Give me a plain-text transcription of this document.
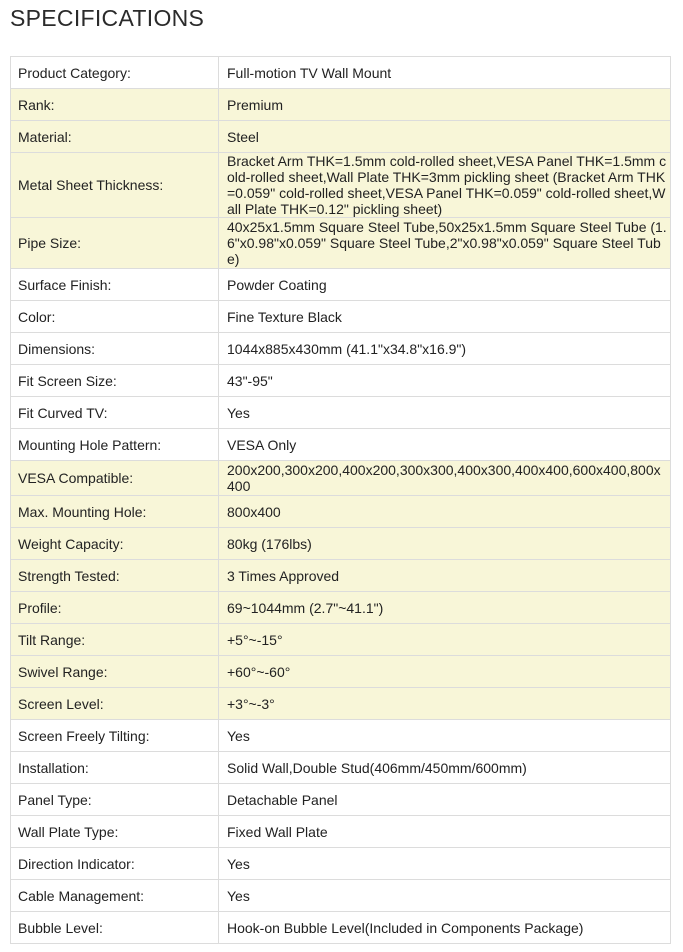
SPECIFICATIONS
Product Category:	Full-motion TV Wall Mount
Rank:	Premium
Material:	Steel
Metal Sheet Thickness:	Bracket Arm THK=1.5mm cold-rolled sheet,VESA Panel THK=1.5mm cold-rolled sheet,Wall Plate THK=3mm pickling sheet (Bracket Arm THK=0.059" cold-rolled sheet,VESA Panel THK=0.059" cold-rolled sheet,Wall Plate THK=0.12" pickling sheet)
Pipe Size:	40x25x1.5mm Square Steel Tube,50x25x1.5mm Square Steel Tube (1.6"x0.98"x0.059" Square Steel Tube,2"x0.98"x0.059" Square Steel Tube)
Surface Finish:	Powder Coating
Color:	Fine Texture Black
Dimensions:	1044x885x430mm (41.1"x34.8"x16.9")
Fit Screen Size:	43"-95"
Fit Curved TV:	Yes
Mounting Hole Pattern:	VESA Only
VESA Compatible:	200x200,300x200,400x200,300x300,400x300,400x400,600x400,800x400
Max. Mounting Hole:	800x400
Weight Capacity:	80kg (176lbs)
Strength Tested:	3 Times Approved
Profile:	69~1044mm (2.7"~41.1")
Tilt Range:	+5°~-15°
Swivel Range:	+60°~-60°
Screen Level:	+3°~-3°
Screen Freely Tilting:	Yes
Installation:	Solid Wall,Double Stud(406mm/450mm/600mm)
Panel Type:	Detachable Panel
Wall Plate Type:	Fixed Wall Plate
Direction Indicator:	Yes
Cable Management:	Yes
Bubble Level:	Hook-on Bubble Level(Included in Components Package)
